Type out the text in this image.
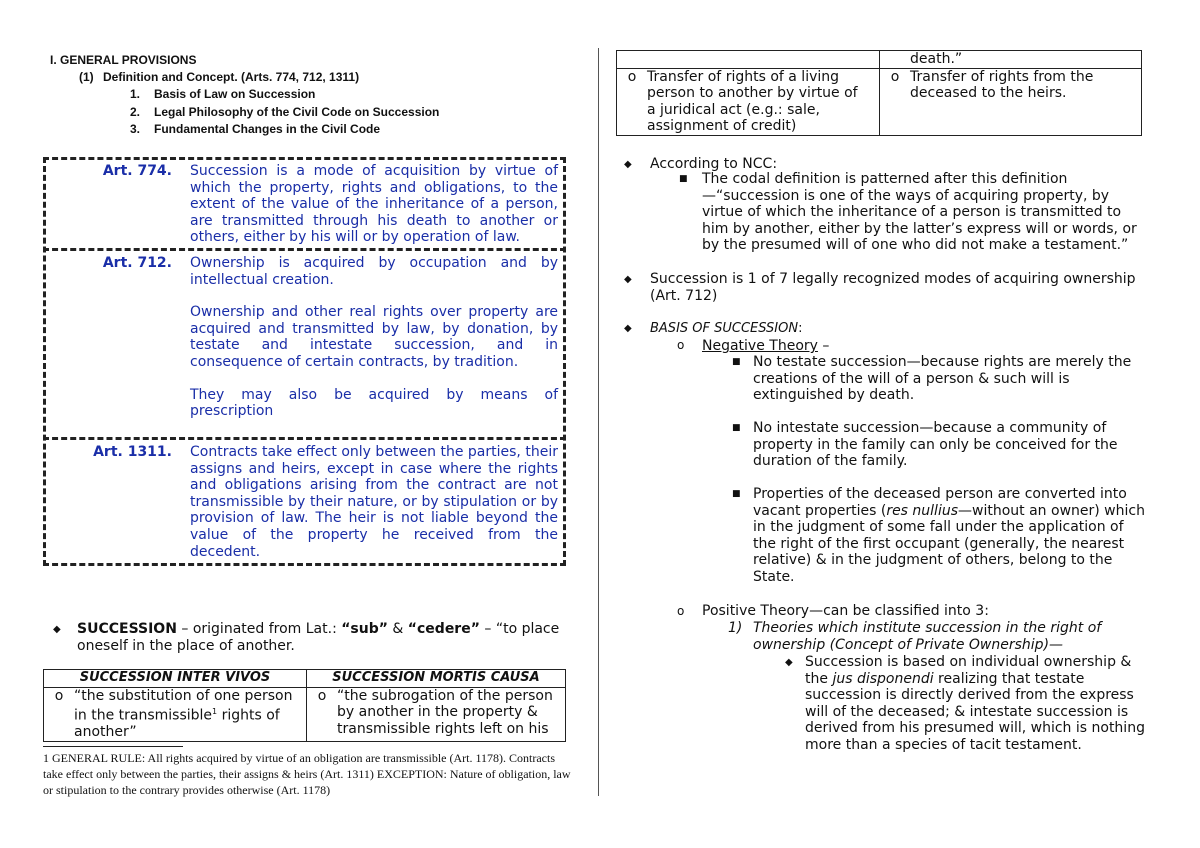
I. GENERAL PROVISIONS
(1) Definition and Concept. (Arts. 774, 712, 1311)
1. Basis of Law on Succession
2. Legal Philosophy of the Civil Code on Succession
3. Fundamental Changes in the Civil Code
Art. 774. Succession is a mode of acquisition by virtue of which the property, rights and obligations, to the extent of the value of the inheritance of a person, are transmitted through his death to another or others, either by his will or by operation of law.

Art. 712. Ownership is acquired by occupation and by intellectual creation.

Ownership and other real rights over property are acquired and transmitted by law, by donation, by testate and intestate succession, and in consequence of certain contracts, by tradition.

They may also be acquired by means of prescription

Art. 1311. Contracts take effect only between the parties, their assigns and heirs, except in case where the rights and obligations arising from the contract are not transmissible by their nature, or by stipulation or by provision of law. The heir is not liable beyond the value of the property he received from the decedent.

◆ SUCCESSION – originated from Lat.: “sub” & “cedere” – “to place oneself in the place of another.
SUCCESSION INTER VIVOS	SUCCESSION MORTIS CAUSA
o “the substitution of one person in the transmissible$^1$ rights of another”	o “the subrogation of the person by another in the property & transmissible rights left on his
1 GENERAL RULE: All rights acquired by virtue of an obligation are transmissible (Art. 1178). Contracts take effect only between the parties, their assigns & heirs (Art. 1311) EXCEPTION: Nature of obligation, law or stipulation to the contrary provides otherwise (Art. 1178)
	death.”
o Transfer of rights of a living person to another by virtue of a juridical act (e.g.: sale, assignment of credit)	o Transfer of rights from the deceased to the heirs.
◆ According to NCC:
■ The codal definition is patterned after this definition —“succession is one of the ways of acquiring property, by virtue of which the inheritance of a person is transmitted to him by another, either by the latter’s express will or words, or by the presumed will of one who did not make a testament.”
◆ Succession is 1 of 7 legally recognized modes of acquiring ownership (Art. 712)
◆ BASIS OF SUCCESSION:
o Negative Theory –
■ No testate succession—because rights are merely the creations of the will of a person & such will is extinguished by death.
■ No intestate succession—because a community of property in the family can only be conceived for the duration of the family.
■ Properties of the deceased person are converted into vacant properties (res nullius—without an owner) which in the judgment of some fall under the application of the right of the first occupant (generally, the nearest relative) & in the judgment of others, belong to the State.
o Positive Theory—can be classified into 3:
1) Theories which institute succession in the right of ownership (Concept of Private Ownership)—
◆ Succession is based on individual ownership & the jus disponendi realizing that testate succession is directly derived from the express will of the deceased; & intestate succession is derived from his presumed will, which is nothing more than a species of tacit testament.
